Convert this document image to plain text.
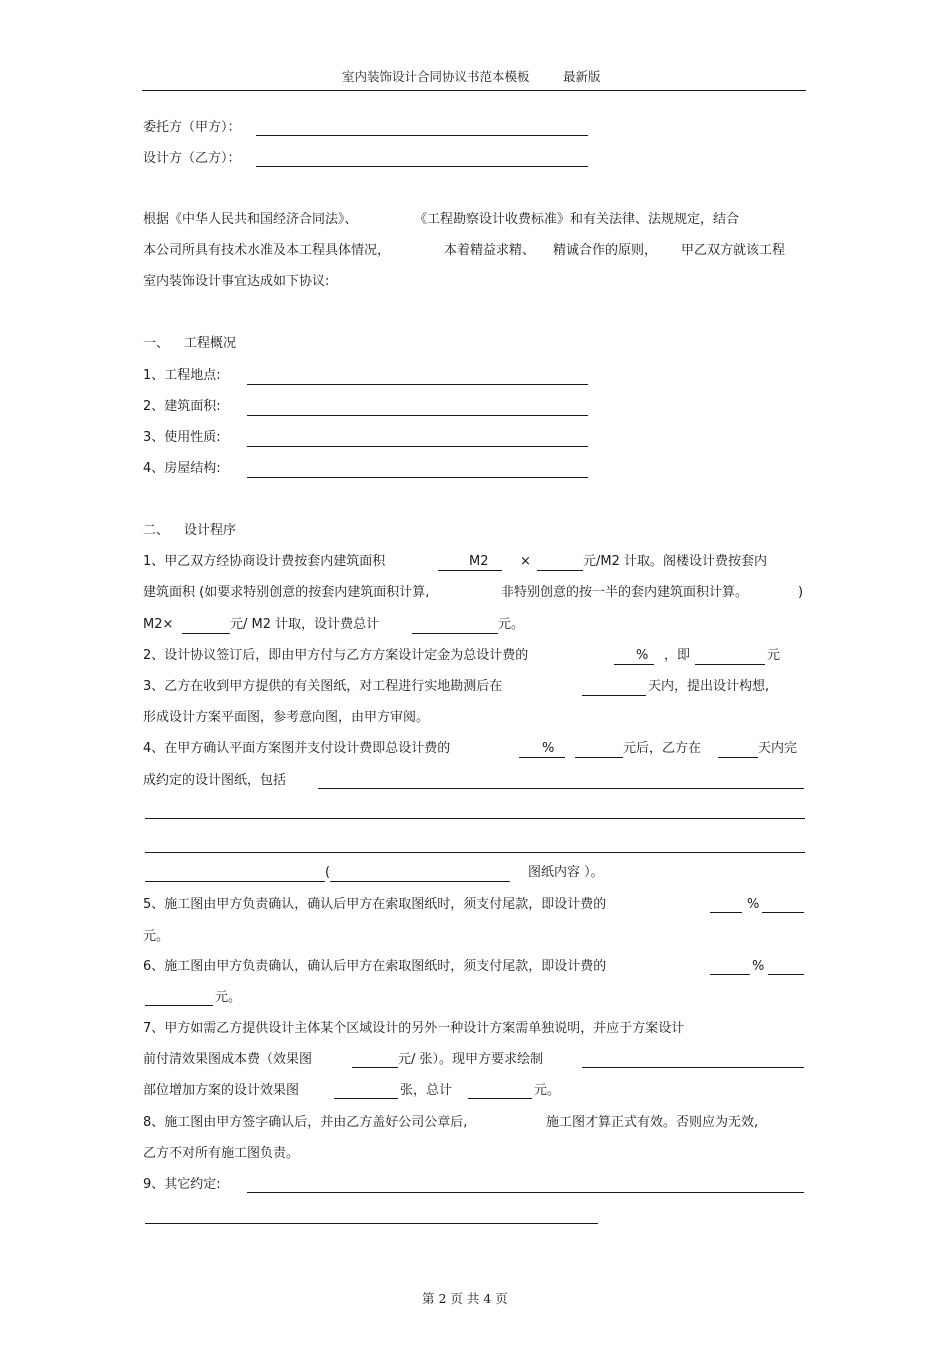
室内装饰设计合同协议书范本模板	最新版
委托方（甲方）：
设计方（乙方）：
根据《中华人民共和国经济合同法》、	《工程勘察设计收费标准》和有关法律、法规规定，结合
本公司所具有技术水准及本工程具体情况，	本着精益求精、 精诚合作的原则， 甲乙双方就该工程
室内装饰设计事宜达成如下协议:
一、 工程概况
1、工程地点:
2、建筑面积:
3、使用性质:
4、房屋结构:
二、 设计程序
1、甲乙双方经协商设计费按套内建筑面积	M2 ×	元/M2 计取。阁楼设计费按套内
建筑面积 (如要求特别创意的按套内建筑面积计算,	非特别创意的按一半的套内建筑面积计算。	)
M2×	元/ M2 计取，设计费总计	元。
2、设计协议签订后，即由甲方付与乙方方案设计定金为总设计费的	% ，即	元
3、乙方在收到甲方提供的有关图纸，对工程进行实地勘测后在	天内，提出设计构想,
形成设计方案平面图，参考意向图，由甲方审阅。
4、在甲方确认平面方案图并支付设计费即总设计费的	%	元后，乙方在	天内完
成约定的设计图纸，包括
(	图纸内容 ）。
5、施工图由甲方负责确认，确认后甲方在索取图纸时，须支付尾款，即设计费的	%
元。
6、施工图由甲方负责确认，确认后甲方在索取图纸时，须支付尾款，即设计费的	%
元。
7、甲方如需乙方提供设计主体某个区域设计的另外一种设计方案需单独说明，并应于方案设计
前付清效果图成本费（效果图	元/ 张）。现甲方要求绘制
部位增加方案的设计效果图	张，总计	元。
8、施工图由甲方签字确认后，并由乙方盖好公司公章后,	施工图才算正式有效。否则应为无效,
乙方不对所有施工图负责。
9、其它约定:
第 2 页 共 4 页
